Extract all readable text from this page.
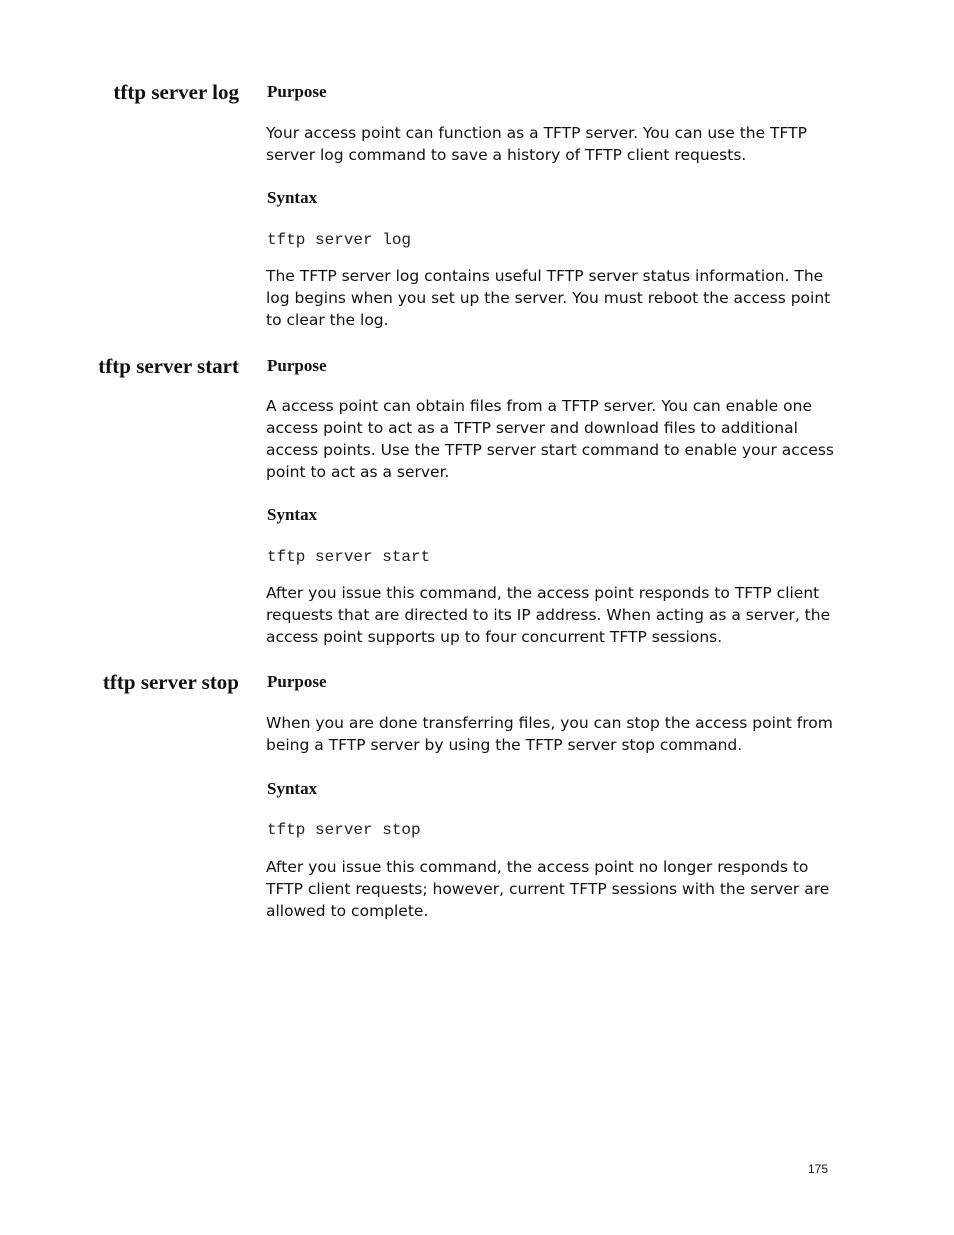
tftp server log Purpose

Your access point can function as a TFTP server. You can use the TFTP server log command to save a history of TFTP client requests.

Syntax
tftp server log

The TFTP server log contains useful TFTP server status information. The log begins when you set up the server. You must reboot the access point to clear the log.

tftp server start Purpose

A access point can obtain files from a TFTP server. You can enable one access point to act as a TFTP server and download files to additional access points. Use the TFTP server start command to enable your access point to act as a server.

Syntax
tftp server start

After you issue this command, the access point responds to TFTP client requests that are directed to its IP address. When acting as a server, the access point supports up to four concurrent TFTP sessions.

tftp server stop Purpose

When you are done transferring files, you can stop the access point from being a TFTP server by using the TFTP server stop command.

Syntax
tftp server stop

After you issue this command, the access point no longer responds to TFTP client requests; however, current TFTP sessions with the server are allowed to complete.

175
